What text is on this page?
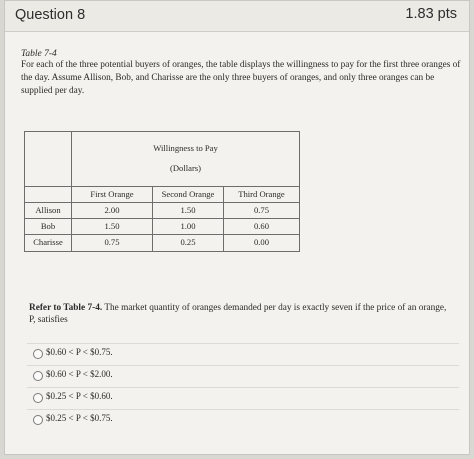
Question 8	1.83 pts
Table 7-4
For each of the three potential buyers of oranges, the table displays the willingness to pay for the first three oranges of the day. Assume Allison, Bob, and Charisse are the only three buyers of oranges, and only three oranges can be supplied per day.
Willingness to Pay
(Dollars)
First Orange	Second Orange	Third Orange
Allison	2.00	1.50	0.75
Bob	1.50	1.00	0.60
Charisse	0.75	0.25	0.00
Refer to Table 7-4. The market quantity of oranges demanded per day is exactly seven if the price of an orange, P, satisfies
$0.60 < P < $0.75.
$0.60 < P < $2.00.
$0.25 < P < $0.60.
$0.25 < P < $0.75.
